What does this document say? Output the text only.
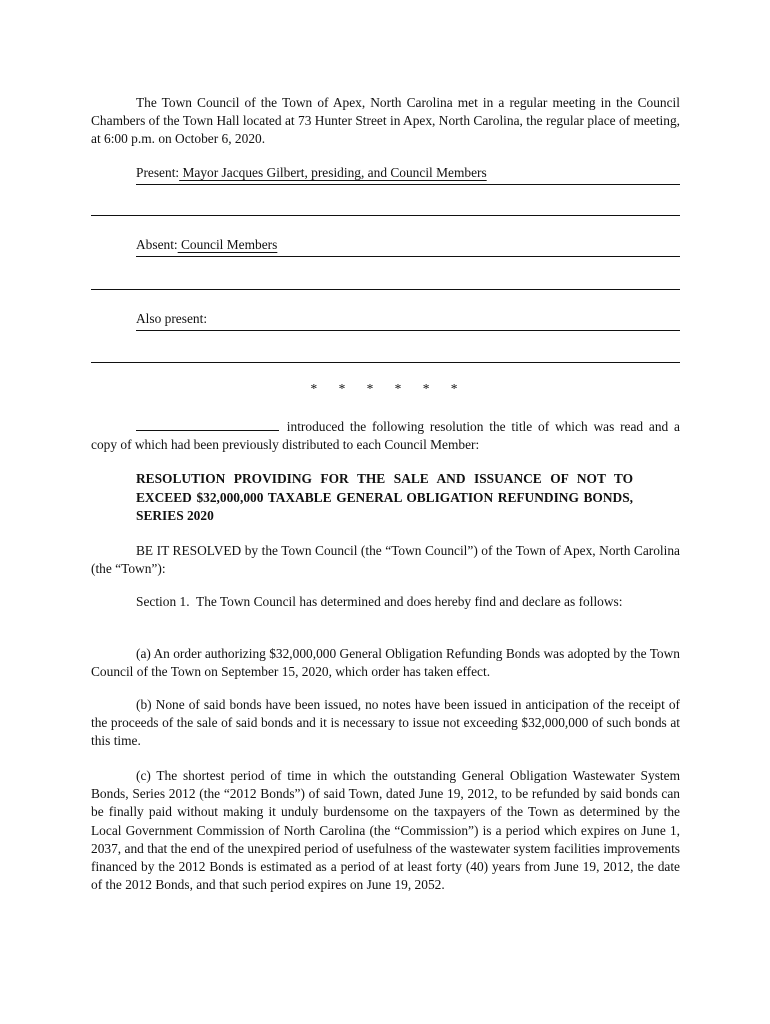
The Town Council of the Town of Apex, North Carolina met in a regular meeting in the Council Chambers of the Town Hall located at 73 Hunter Street in Apex, North Carolina, the regular place of meeting, at 6:00 p.m. on October 6, 2020.

Present: Mayor Jacques Gilbert, presiding, and Council Members
Absent: Council Members
Also present:
* * * * * *

introduced the following resolution the title of which was read and a copy of which had been previously distributed to each Council Member:

RESOLUTION PROVIDING FOR THE SALE AND ISSUANCE OF NOT TO EXCEED $32,000,000 TAXABLE GENERAL OBLIGATION REFUNDING BONDS, SERIES 2020

BE IT RESOLVED by the Town Council (the “Town Council”) of the Town of Apex, North Carolina (the “Town”):

Section 1.  The Town Council has determined and does hereby find and declare as follows:

(a) An order authorizing $32,000,000 General Obligation Refunding Bonds was adopted by the Town Council of the Town on September 15, 2020, which order has taken effect.

(b) None of said bonds have been issued, no notes have been issued in anticipation of the receipt of the proceeds of the sale of said bonds and it is necessary to issue not exceeding $32,000,000 of such bonds at this time.

(c) The shortest period of time in which the outstanding General Obligation Wastewater System Bonds, Series 2012 (the “2012 Bonds”) of said Town, dated June 19, 2012, to be refunded by said bonds can be finally paid without making it unduly burdensome on the taxpayers of the Town as determined by the Local Government Commission of North Carolina (the “Commission”) is a period which expires on June 1, 2037, and that the end of the unexpired period of usefulness of the wastewater system facilities improvements financed by the 2012 Bonds is estimated as a period of at least forty (40) years from June 19, 2012, the date of the 2012 Bonds, and that such period expires on June 19, 2052.
